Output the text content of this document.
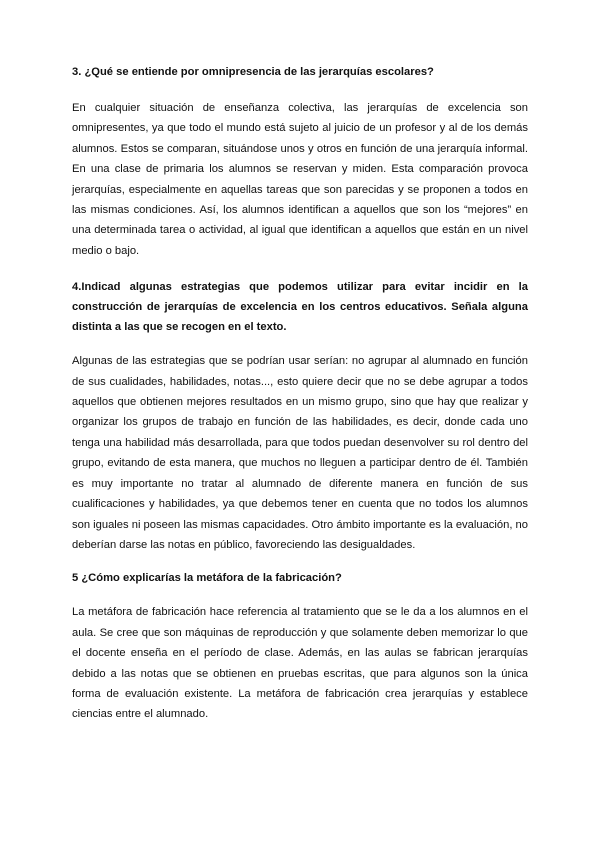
3. ¿Qué se entiende por omnipresencia de las jerarquías escolares?

En cualquier situación de enseñanza colectiva, las jerarquías de excelencia son omnipresentes, ya que todo el mundo está sujeto al juicio de un profesor y al de los demás alumnos. Estos se comparan, situándose unos y otros en función de una jerarquía informal. En una clase de primaria los alumnos se reservan y miden. Esta comparación provoca jerarquías, especialmente en aquellas tareas que son parecidas y se proponen a todos en las mismas condiciones. Así, los alumnos identifican a aquellos que son los “mejores” en una determinada tarea o actividad, al igual que identifican a aquellos que están en un nivel medio o bajo.

4.Indicad algunas estrategias que podemos utilizar para evitar incidir en la construcción de jerarquías de excelencia en los centros educativos. Señala alguna distinta a las que se recogen en el texto.

Algunas de las estrategias que se podrían usar serían: no agrupar al alumnado en función de sus cualidades, habilidades, notas..., esto quiere decir que no se debe agrupar a todos aquellos que obtienen mejores resultados en un mismo grupo, sino que hay que realizar y organizar los grupos de trabajo en función de las habilidades, es decir, donde cada uno tenga una habilidad más desarrollada, para que todos puedan desenvolver su rol dentro del grupo, evitando de esta manera, que muchos no lleguen a participar dentro de él. También es muy importante no tratar al alumnado de diferente manera en función de sus cualificaciones y habilidades, ya que debemos tener en cuenta que no todos los alumnos son iguales ni poseen las mismas capacidades. Otro ámbito importante es la evaluación, no deberían darse las notas en público, favoreciendo las desigualdades.

5 ¿Cómo explicarías la metáfora de la fabricación?

La metáfora de fabricación hace referencia al tratamiento que se le da a los alumnos en el aula. Se cree que son máquinas de reproducción y que solamente deben memorizar lo que el docente enseña en el período de clase. Además, en las aulas se fabrican jerarquías debido a las notas que se obtienen en pruebas escritas, que para algunos son la única forma de evaluación existente. La metáfora de fabricación crea jerarquías y establece ciencias entre el alumnado.
